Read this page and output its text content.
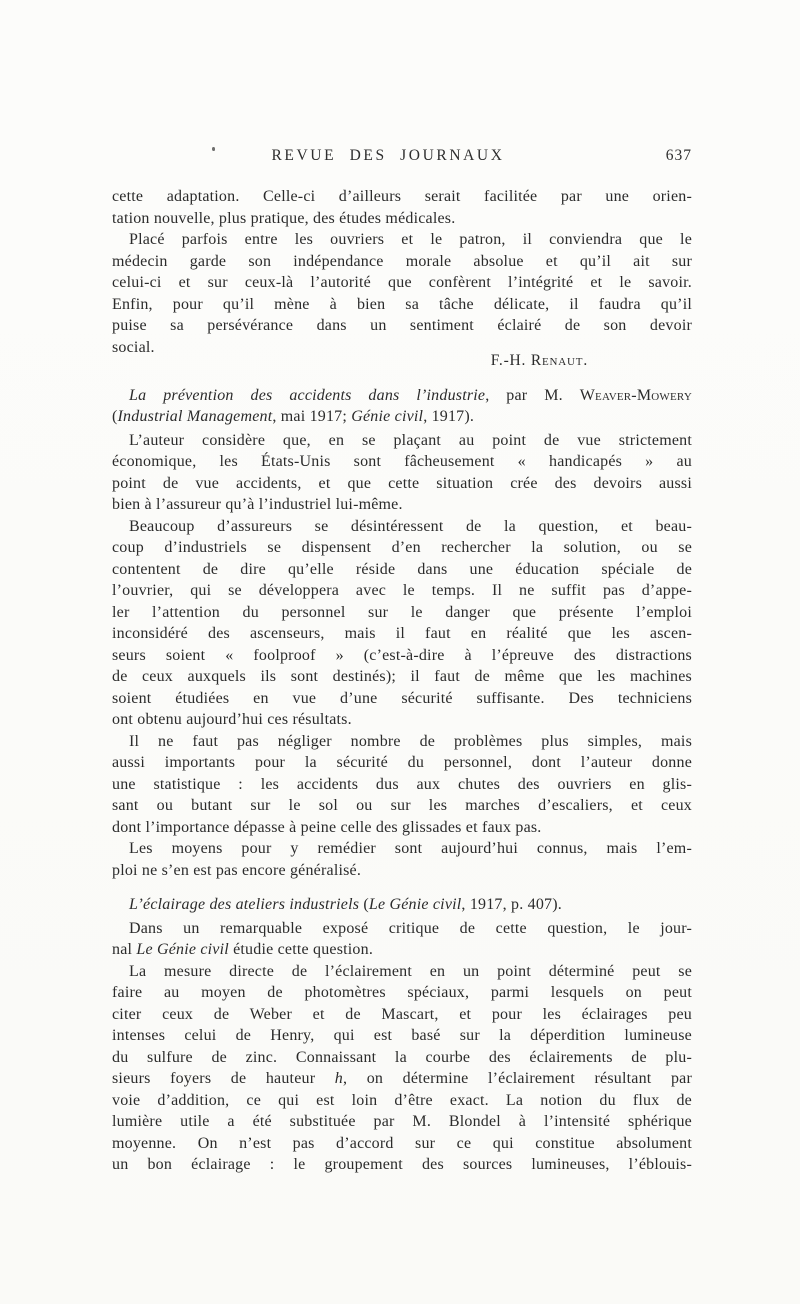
REVUE DES JOURNAUX	637
cette adaptation. Celle-ci d’ailleurs serait facilitée par une orien-
tation nouvelle, plus pratique, des études médicales.
Placé parfois entre les ouvriers et le patron, il conviendra que le
médecin garde son indépendance morale absolue et qu’il ait sur
celui-ci et sur ceux-là l’autorité que confèrent l’intégrité et le savoir.
Enfin, pour qu’il mène à bien sa tâche délicate, il faudra qu’il
puise sa persévérance dans un sentiment éclairé de son devoir
social.
F.-H. Renaut.
La prévention des accidents dans l’industrie, par M. Weaver-Mowery
(Industrial Management, mai 1917; Génie civil, 1917).
L’auteur considère que, en se plaçant au point de vue strictement
économique, les États-Unis sont fâcheusement « handicapés » au
point de vue accidents, et que cette situation crée des devoirs aussi
bien à l’assureur qu’à l’industriel lui-même.
Beaucoup d’assureurs se désintéressent de la question, et beau-
coup d’industriels se dispensent d’en rechercher la solution, ou se
contentent de dire qu’elle réside dans une éducation spéciale de
l’ouvrier, qui se développera avec le temps. Il ne suffit pas d’appe-
ler l’attention du personnel sur le danger que présente l’emploi
inconsidéré des ascenseurs, mais il faut en réalité que les ascen-
seurs soient « foolproof » (c’est-à-dire à l’épreuve des distractions
de ceux auxquels ils sont destinés); il faut de même que les machines
soient étudiées en vue d’une sécurité suffisante. Des techniciens
ont obtenu aujourd’hui ces résultats.
Il ne faut pas négliger nombre de problèmes plus simples, mais
aussi importants pour la sécurité du personnel, dont l’auteur donne
une statistique : les accidents dus aux chutes des ouvriers en glis-
sant ou butant sur le sol ou sur les marches d’escaliers, et ceux
dont l’importance dépasse à peine celle des glissades et faux pas.
Les moyens pour y remédier sont aujourd’hui connus, mais l’em-
ploi ne s’en est pas encore généralisé.
L’éclairage des ateliers industriels (Le Génie civil, 1917, p. 407).
Dans un remarquable exposé critique de cette question, le jour-
nal Le Génie civil étudie cette question.
La mesure directe de l’éclairement en un point déterminé peut se
faire au moyen de photomètres spéciaux, parmi lesquels on peut
citer ceux de Weber et de Mascart, et pour les éclairages peu
intenses celui de Henry, qui est basé sur la déperdition lumineuse
du sulfure de zinc. Connaissant la courbe des éclairements de plu-
sieurs foyers de hauteur h, on détermine l’éclairement résultant par
voie d’addition, ce qui est loin d’être exact. La notion du flux de
lumière utile a été substituée par M. Blondel à l’intensité sphérique
moyenne. On n’est pas d’accord sur ce qui constitue absolument
un bon éclairage : le groupement des sources lumineuses, l’éblouis-
